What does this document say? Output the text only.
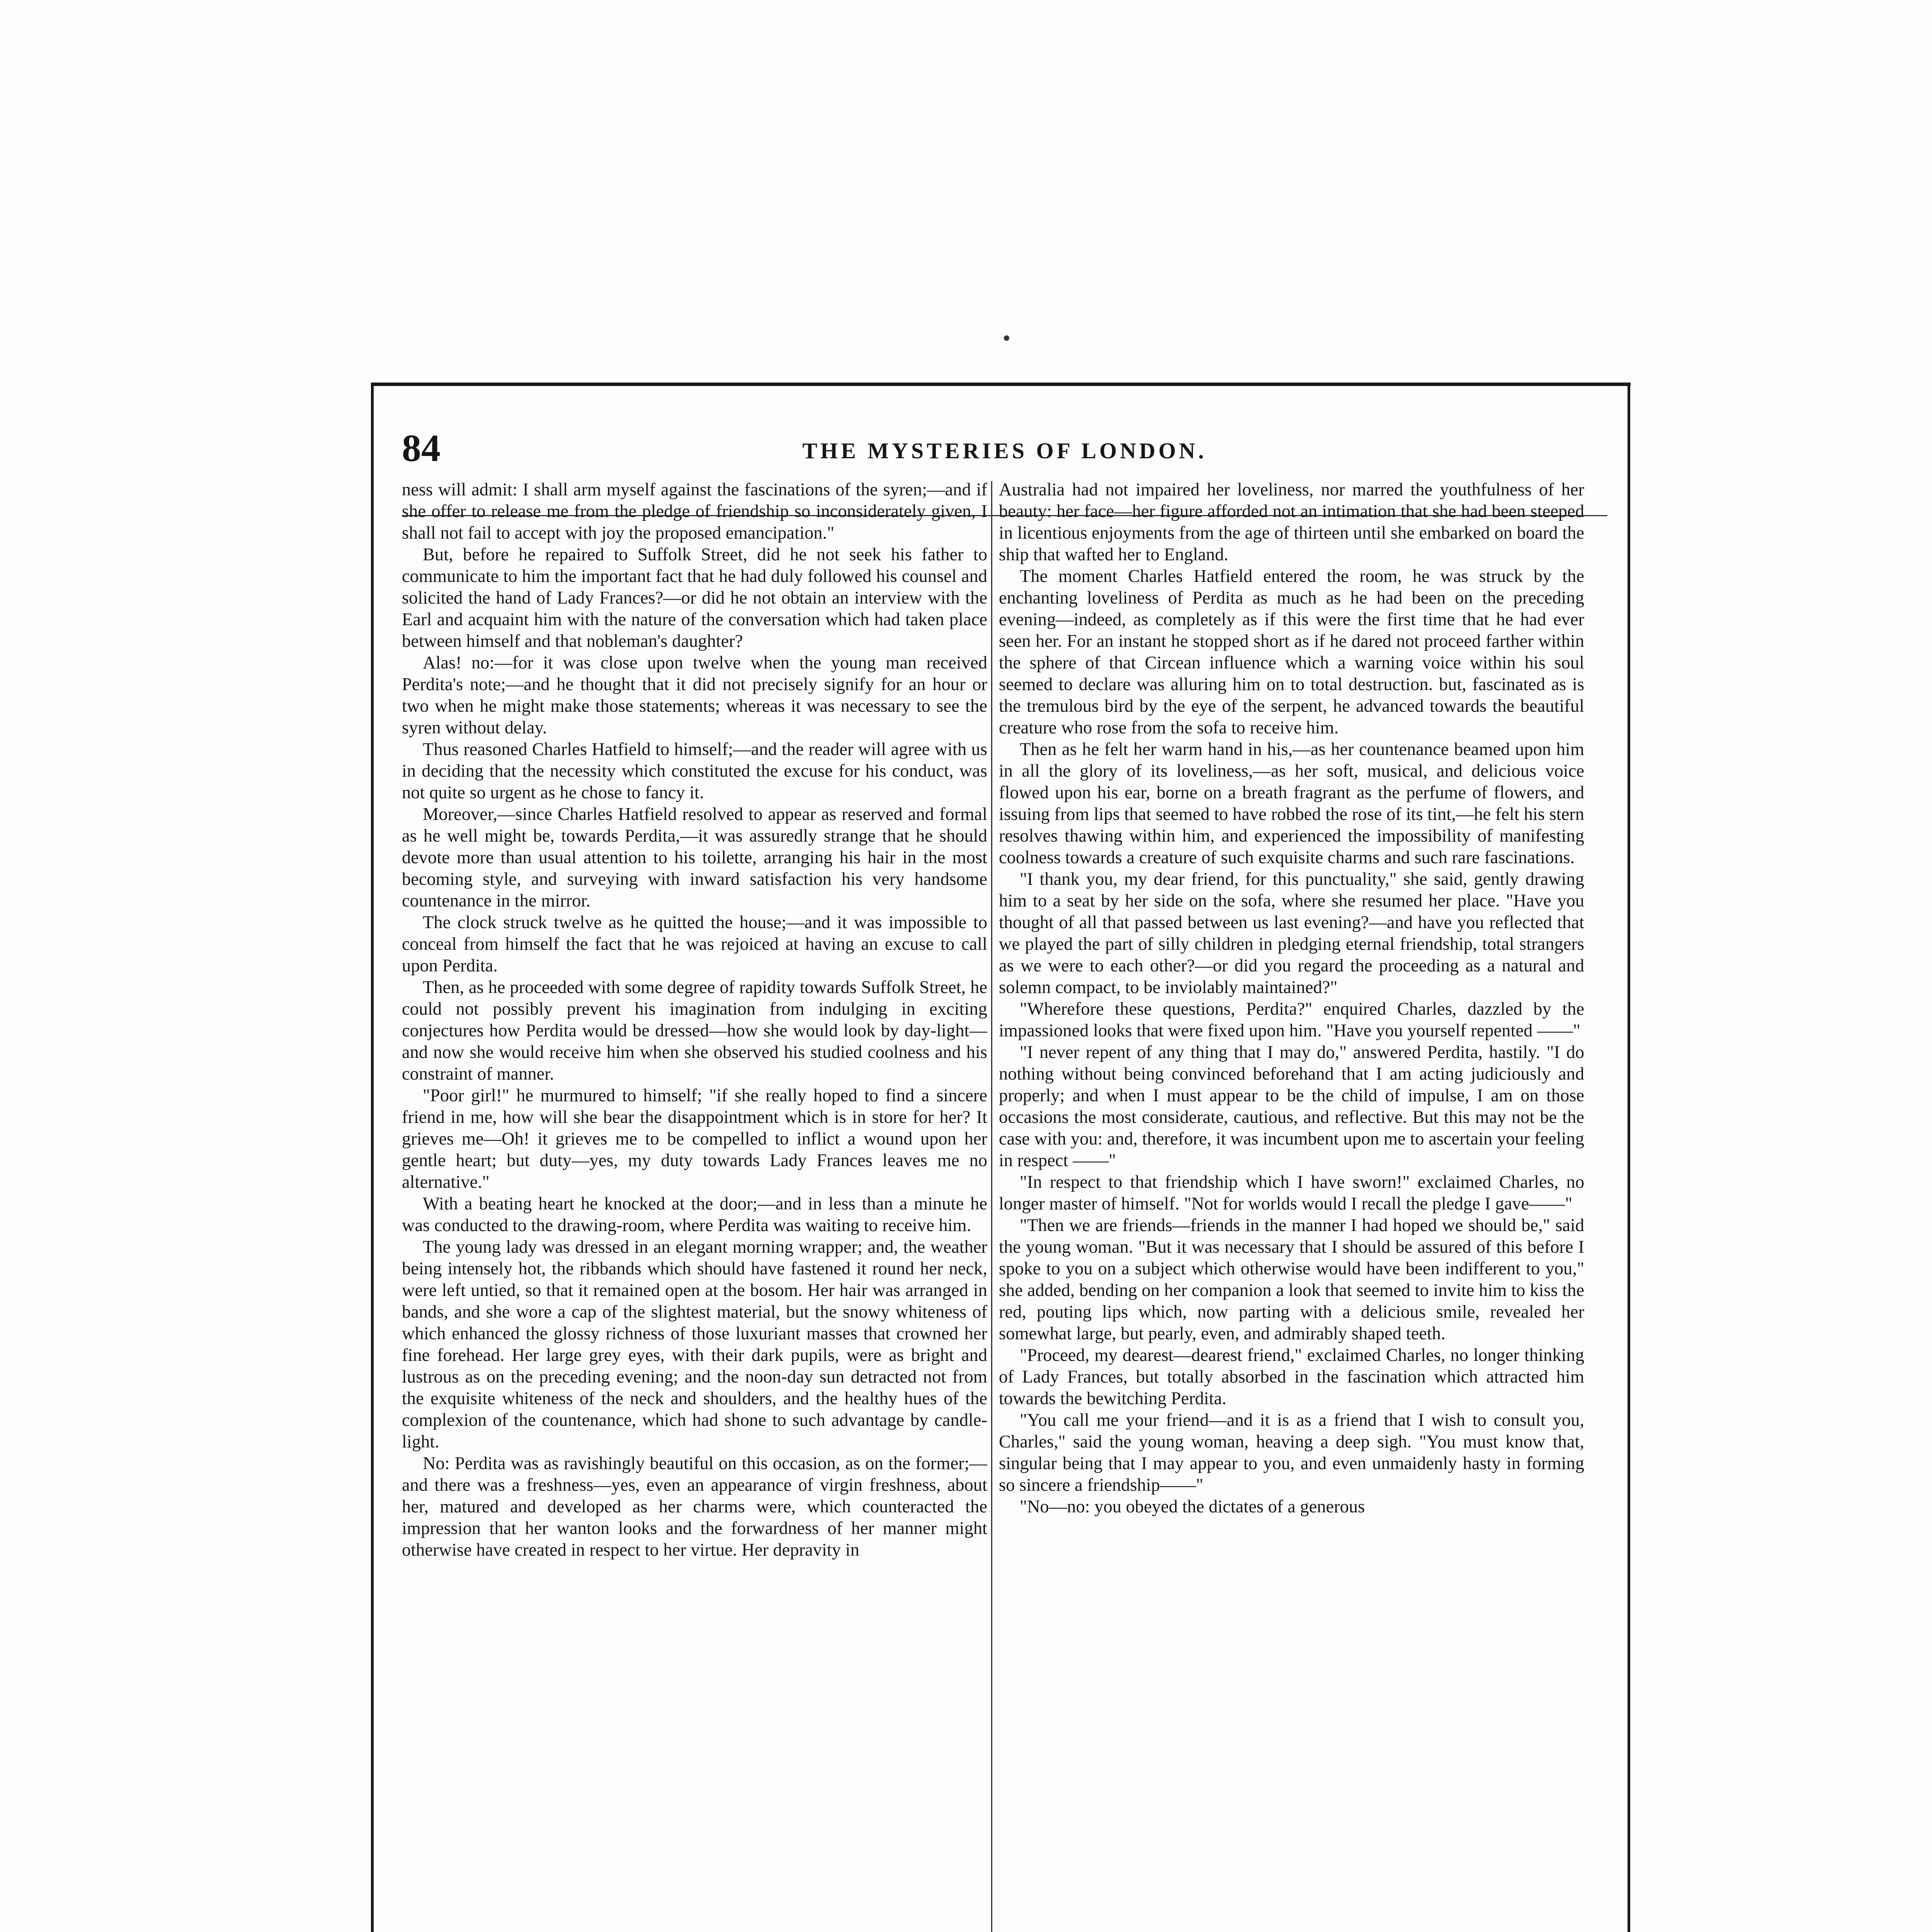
84	THE MYSTERIES OF LONDON.

ness will admit: I shall arm myself against the fascinations of the syren;—and if she offer to release me from the pledge of friendship so inconsiderately given, I shall not fail to accept with joy the proposed emancipation."

But, before he repaired to Suffolk Street, did he not seek his father to communicate to him the important fact that he had duly followed his counsel and solicited the hand of Lady Frances?—or did he not obtain an interview with the Earl and acquaint him with the nature of the conversation which had taken place between himself and that nobleman's daughter?

Alas! no:—for it was close upon twelve when the young man received Perdita's note;—and he thought that it did not precisely signify for an hour or two when he might make those statements; whereas it was necessary to see the syren without delay.

Thus reasoned Charles Hatfield to himself;—and the reader will agree with us in deciding that the necessity which constituted the excuse for his conduct, was not quite so urgent as he chose to fancy it.

Moreover,—since Charles Hatfield resolved to appear as reserved and formal as he well might be, towards Perdita,—it was assuredly strange that he should devote more than usual attention to his toilette, arranging his hair in the most becoming style, and surveying with inward satisfaction his very handsome countenance in the mirror.

The clock struck twelve as he quitted the house;—and it was impossible to conceal from himself the fact that he was rejoiced at having an excuse to call upon Perdita.

Then, as he proceeded with some degree of rapidity towards Suffolk Street, he could not possibly prevent his imagination from indulging in exciting conjectures how Perdita would be dressed—how she would look by day-light—and now she would receive him when she observed his studied coolness and his constraint of manner.

"Poor girl!" he murmured to himself; "if she really hoped to find a sincere friend in me, how will she bear the disappointment which is in store for her? It grieves me—Oh! it grieves me to be compelled to inflict a wound upon her gentle heart; but duty—yes, my duty towards Lady Frances leaves me no alternative."

With a beating heart he knocked at the door;—and in less than a minute he was conducted to the drawing-room, where Perdita was waiting to receive him.

The young lady was dressed in an elegant morning wrapper; and, the weather being intensely hot, the ribbands which should have fastened it round her neck, were left untied, so that it remained open at the bosom. Her hair was arranged in bands, and she wore a cap of the slightest material, but the snowy whiteness of which enhanced the glossy richness of those luxuriant masses that crowned her fine forehead. Her large grey eyes, with their dark pupils, were as bright and lustrous as on the preceding evening; and the noon-day sun detracted not from the exquisite whiteness of the neck and shoulders, and the healthy hues of the complexion of the countenance, which had shone to such advantage by candle-light.

No: Perdita was as ravishingly beautiful on this occasion, as on the former;—and there was a freshness—yes, even an appearance of virgin freshness, about her, matured and developed as her charms were, which counteracted the impression that her wanton looks and the forwardness of her manner might otherwise have created in respect to her virtue. Her depravity in

Australia had not impaired her loveliness, nor marred the youthfulness of her beauty: her face—her figure afforded not an intimation that she had been steeped in licentious enjoyments from the age of thirteen until she embarked on board the ship that wafted her to England.

The moment Charles Hatfield entered the room, he was struck by the enchanting loveliness of Perdita as much as he had been on the preceding evening—indeed, as completely as if this were the first time that he had ever seen her. For an instant he stopped short as if he dared not proceed farther within the sphere of that Circean influence which a warning voice within his soul seemed to declare was alluring him on to total destruction. but, fascinated as is the tremulous bird by the eye of the serpent, he advanced towards the beautiful creature who rose from the sofa to receive him.

Then as he felt her warm hand in his,—as her countenance beamed upon him in all the glory of its loveliness,—as her soft, musical, and delicious voice flowed upon his ear, borne on a breath fragrant as the perfume of flowers, and issuing from lips that seemed to have robbed the rose of its tint,—he felt his stern resolves thawing within him, and experienced the impossibility of manifesting coolness towards a creature of such exquisite charms and such rare fascinations.

"I thank you, my dear friend, for this punctuality," she said, gently drawing him to a seat by her side on the sofa, where she resumed her place. "Have you thought of all that passed between us last evening?—and have you reflected that we played the part of silly children in pledging eternal friendship, total strangers as we were to each other?—or did you regard the proceeding as a natural and solemn compact, to be inviolably maintained?"

"Wherefore these questions, Perdita?" enquired Charles, dazzled by the impassioned looks that were fixed upon him. "Have you yourself repented ——"

"I never repent of any thing that I may do," answered Perdita, hastily. "I do nothing without being convinced beforehand that I am acting judiciously and properly; and when I must appear to be the child of impulse, I am on those occasions the most considerate, cautious, and reflective. But this may not be the case with you: and, therefore, it was incumbent upon me to ascertain your feeling in respect ——"

"In respect to that friendship which I have sworn!" exclaimed Charles, no longer master of himself. "Not for worlds would I recall the pledge I gave——"

"Then we are friends—friends in the manner I had hoped we should be," said the young woman. "But it was necessary that I should be assured of this before I spoke to you on a subject which otherwise would have been indifferent to you," she added, bending on her companion a look that seemed to invite him to kiss the red, pouting lips which, now parting with a delicious smile, revealed her somewhat large, but pearly, even, and admirably shaped teeth.

"Proceed, my dearest—dearest friend," exclaimed Charles, no longer thinking of Lady Frances, but totally absorbed in the fascination which attracted him towards the bewitching Perdita.

"You call me your friend—and it is as a friend that I wish to consult you, Charles," said the young woman, heaving a deep sigh. "You must know that, singular being that I may appear to you, and even unmaidenly hasty in forming so sincere a friendship——"

"No—no: you obeyed the dictates of a generous
